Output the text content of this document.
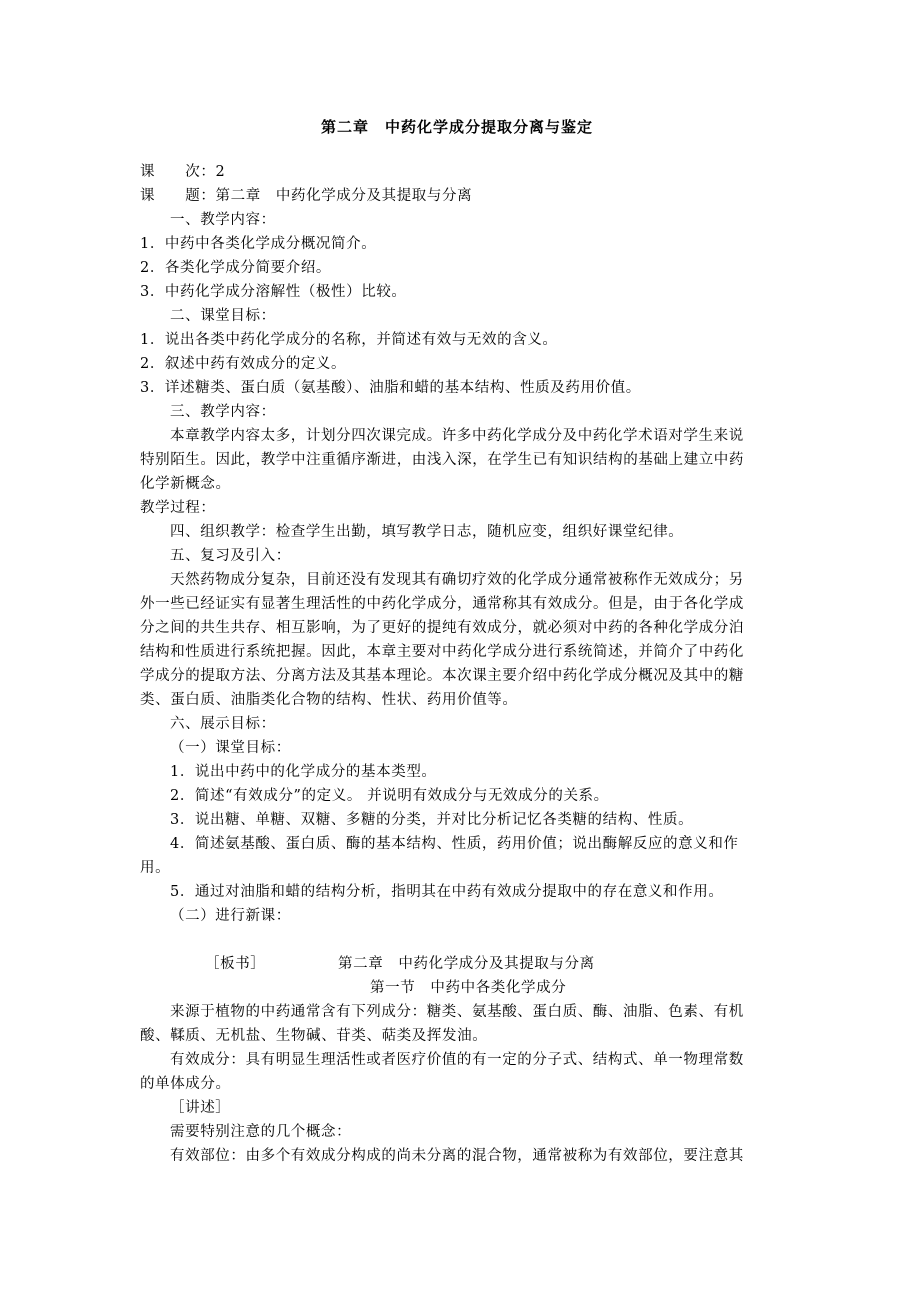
第二章　中药化学成分提取分离与鉴定
课　　次：2
课　　题：第二章　中药化学成分及其提取与分离
一、教学内容：
1．中药中各类化学成分概况简介。
2．各类化学成分简要介绍。
3．中药化学成分溶解性（极性）比较。
二、课堂目标：
1．说出各类中药化学成分的名称，并简述有效与无效的含义。
2．叙述中药有效成分的定义。
3．详述糖类、蛋白质（氨基酸）、油脂和蜡的基本结构、性质及药用价值。
三、教学内容：
本章教学内容太多，计划分四次课完成。许多中药化学成分及中药化学术语对学生来说
特别陌生。因此，教学中注重循序渐进，由浅入深，在学生已有知识结构的基础上建立中药
化学新概念。
教学过程：
四、组织教学：检查学生出勤，填写教学日志，随机应变，组织好课堂纪律。
五、复习及引入：
天然药物成分复杂，目前还没有发现其有确切疗效的化学成分通常被称作无效成分；另
外一些已经证实有显著生理活性的中药化学成分，通常称其有效成分。但是，由于各化学成
分之间的共生共存、相互影响，为了更好的提纯有效成分，就必须对中药的各种化学成分泊
结构和性质进行系统把握。因此，本章主要对中药化学成分进行系统简述，并简介了中药化
学成分的提取方法、分离方法及其基本理论。本次课主要介绍中药化学成分概况及其中的糖
类、蛋白质、油脂类化合物的结构、性状、药用价值等。
六、展示目标：
（一）课堂目标：
1．说出中药中的化学成分的基本类型。
2．简述“有效成分”的定义。 并说明有效成分与无效成分的关系。
3．说出糖、单糖、双糖、多糖的分类，并对比分析记忆各类糖的结构、性质。
4．简述氨基酸、蛋白质、酶的基本结构、性质，药用价值；说出酶解反应的意义和作
用。
5．通过对油脂和蜡的结构分析，指明其在中药有效成分提取中的存在意义和作用。
（二）进行新课：
［板书］	第二章　中药化学成分及其提取与分离
第一节　中药中各类化学成分
来源于植物的中药通常含有下列成分：糖类、氨基酸、蛋白质、酶、油脂、色素、有机
酸、鞣质、无机盐、生物碱、苷类、萜类及挥发油。
有效成分：具有明显生理活性或者医疗价值的有一定的分子式、结构式、单一物理常数
的单体成分。
［讲述］
需要特别注意的几个概念：
有效部位：由多个有效成分构成的尚未分离的混合物，通常被称为有效部位，要注意其
